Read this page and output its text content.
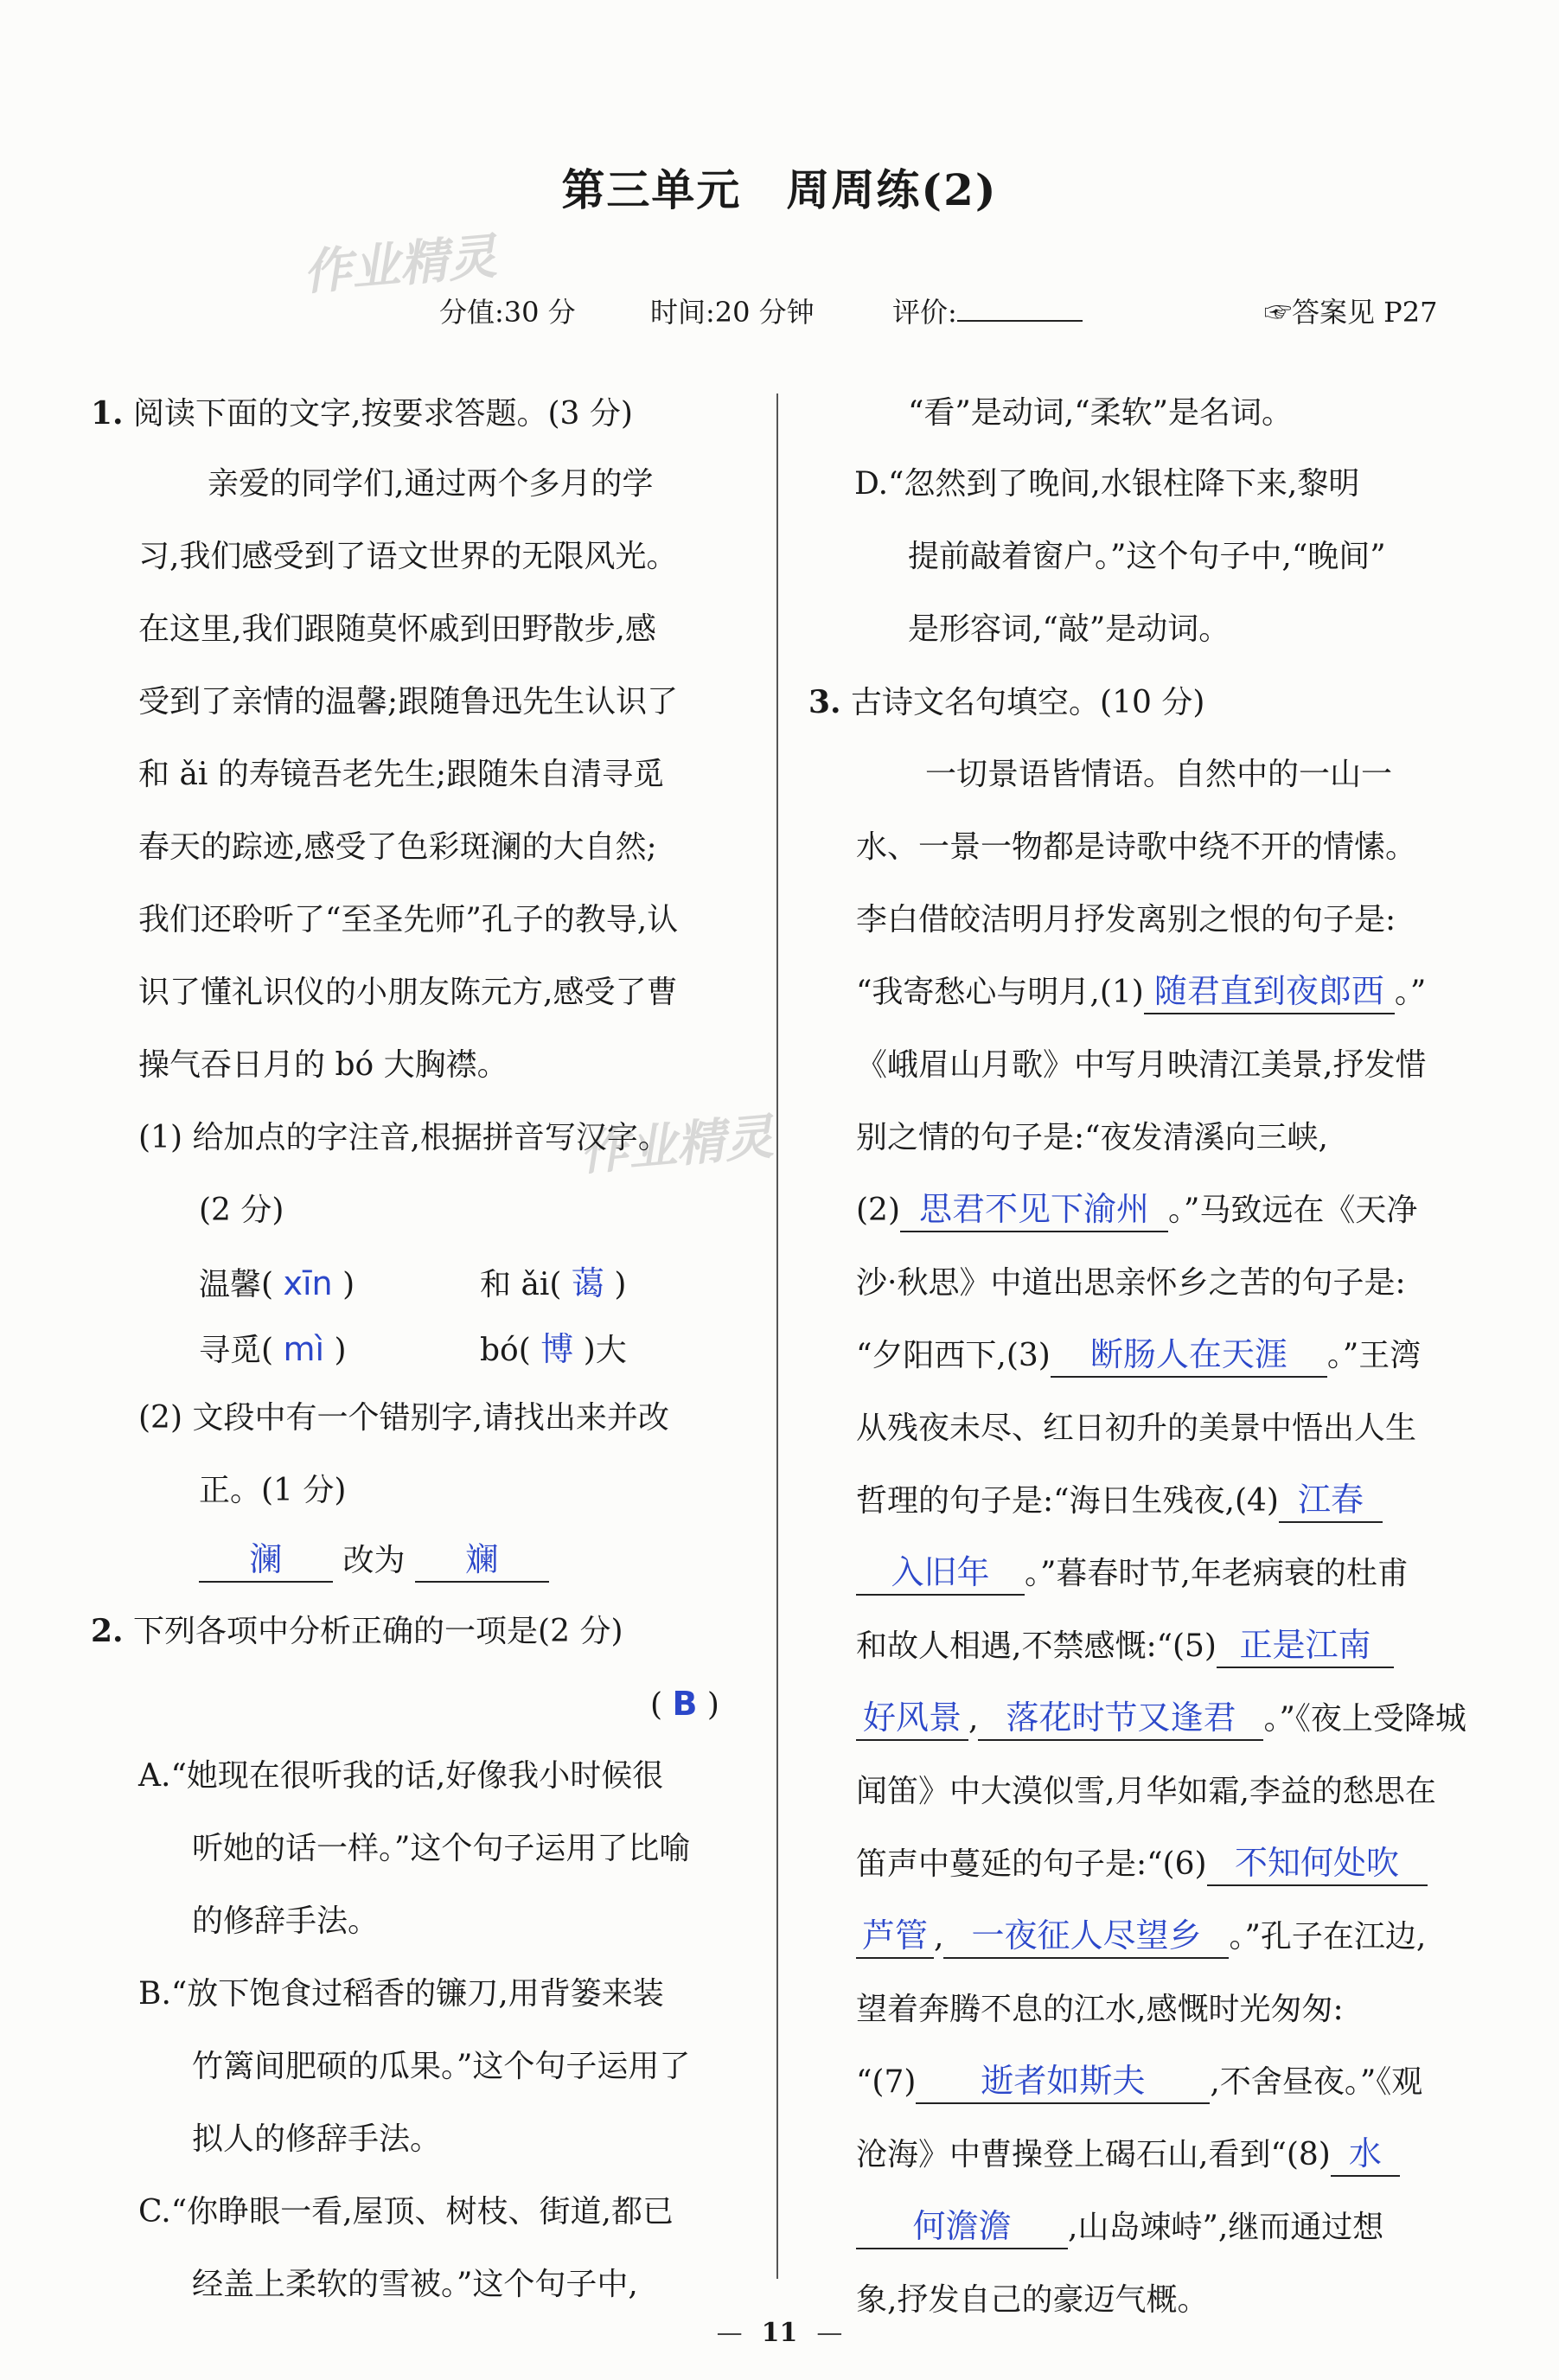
第三单元　周周练(2)
作业精灵
作业精灵
分值:30 分	时间:20 分钟	评价:	☞答案见 P27
1. 阅读下面的文字,按要求答题。(3 分)
亲爱的同学们,通过两个多月的学
习,我们感受到了语文世界的无限风光。
在这里,我们跟随莫怀戚到田野散步,感
受到了亲情的温馨;跟随鲁迅先生认识了
和 ǎi 的寿镜吾老先生;跟随朱自清寻觅
春天的踪迹,感受了色彩斑澜的大自然;
我们还聆听了“至圣先师”孔子的教导,认
识了懂礼识仪的小朋友陈元方,感受了曹
操气吞日月的 bó 大胸襟。
(1) 给加点的字注音,根据拼音写汉字。
(2 分)
温馨( xīn )	和 ǎi( 蔼 )
寻觅( mì )	bó( 博 )大
(2) 文段中有一个错别字,请找出来并改
正。(1 分)
澜 改为 斓
2. 下列各项中分析正确的一项是(2 分)
( B )
A.“她现在很听我的话,好像我小时候很
听她的话一样。”这个句子运用了比喻
的修辞手法。
B.“放下饱食过稻香的镰刀,用背篓来装
竹篱间肥硕的瓜果。”这个句子运用了
拟人的修辞手法。
C.“你睁眼一看,屋顶、树枝、街道,都已
经盖上柔软的雪被。”这个句子中,
“看”是动词,“柔软”是名词。
D.“忽然到了晚间,水银柱降下来,黎明
提前敲着窗户。”这个句子中,“晚间”
是形容词,“敲”是动词。
3. 古诗文名句填空。(10 分)
一切景语皆情语。自然中的一山一
水、一景一物都是诗歌中绕不开的情愫。
李白借皎洁明月抒发离别之恨的句子是:
“我寄愁心与明月,(1) 随君直到夜郎西 。”
《峨眉山月歌》中写月映清江美景,抒发惜
别之情的句子是:“夜发清溪向三峡,
(2) 思君不见下渝州 。”马致远在《天净
沙·秋思》中道出思亲怀乡之苦的句子是:
“夕阳西下,(3) 断肠人在天涯 。”王湾
从残夜未尽、红日初升的美景中悟出人生
哲理的句子是:“海日生残夜,(4) 江春
入旧年 。”暮春时节,年老病衰的杜甫
和故人相遇,不禁感慨:“(5) 正是江南
好风景 , 落花时节又逢君 。”《夜上受降城
闻笛》中大漠似雪,月华如霜,李益的愁思在
笛声中蔓延的句子是:“(6) 不知何处吹
芦管 , 一夜征人尽望乡 。”孔子在江边,
望着奔腾不息的江水,感慨时光匆匆:
“(7) 逝者如斯夫 ,不舍昼夜。”《观
沧海》中曹操登上碣石山,看到“(8) 水
何澹澹 ,山岛竦峙”,继而通过想
象,抒发自己的豪迈气概。
— 11 —
